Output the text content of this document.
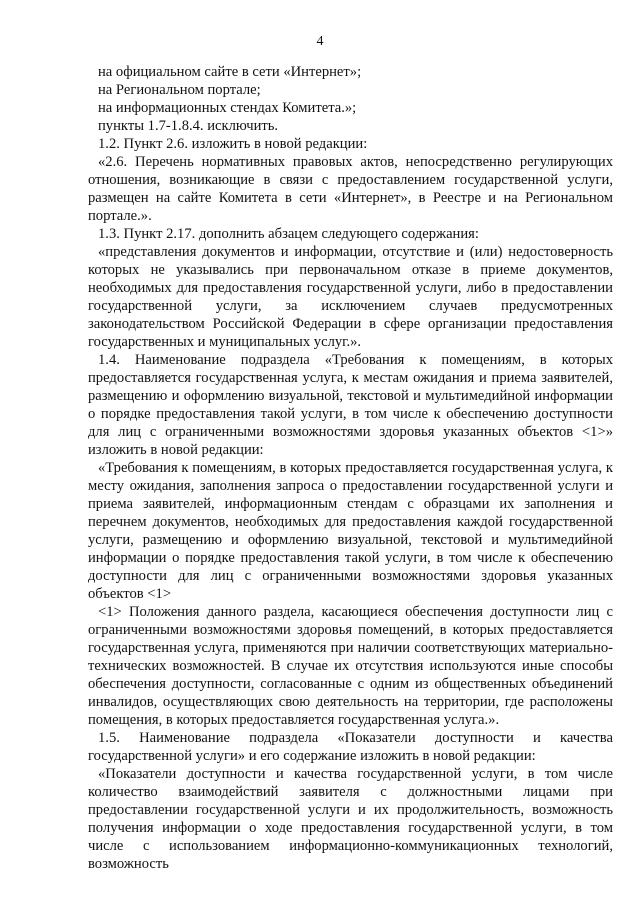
4

на официальном сайте в сети «Интернет»;

на Региональном портале;

на информационных стендах Комитета.»;

пункты 1.7-1.8.4. исключить.

1.2. Пункт 2.6. изложить в новой редакции:

«2.6. Перечень нормативных правовых актов, непосредственно регулирующих отношения, возникающие в связи с предоставлением государственной услуги, размещен на сайте Комитета в сети «Интернет», в Реестре и на Региональном портале.».

1.3. Пункт 2.17. дополнить абзацем следующего содержания:

«представления документов и информации, отсутствие и (или) недостоверность которых не указывались при первоначальном отказе в приеме документов, необходимых для предоставления государственной услуги, либо в предоставлении государственной услуги, за исключением случаев предусмотренных законодательством Российской Федерации в сфере организации предоставления государственных и муниципальных услуг.».

1.4. Наименование подраздела «Требования к помещениям, в которых предоставляется государственная услуга, к местам ожидания и приема заявителей, размещению и оформлению визуальной, текстовой и мультимедийной информации о порядке предоставления такой услуги, в том числе к обеспечению доступности для лиц с ограниченными возможностями здоровья указанных объектов <1>» изложить в новой редакции:

«Требования к помещениям, в которых предоставляется государственная услуга, к месту ожидания, заполнения запроса о предоставлении государственной услуги и приема заявителей, информационным стендам с образцами их заполнения и перечнем документов, необходимых для предоставления каждой государственной услуги, размещению и оформлению визуальной, текстовой и мультимедийной информации о порядке предоставления такой услуги, в том числе к обеспечению доступности для лиц с ограниченными возможностями здоровья указанных объектов <1>

<1> Положения данного раздела, касающиеся обеспечения доступности лиц с ограниченными возможностями здоровья помещений, в которых предоставляется государственная услуга, применяются при наличии соответствующих материально-технических возможностей. В случае их отсутствия используются иные способы обеспечения доступности, согласованные с одним из общественных объединений инвалидов, осуществляющих свою деятельность на территории, где расположены помещения, в которых предоставляется государственная услуга.».

1.5. Наименование подраздела «Показатели доступности и качества государственной услуги» и его содержание изложить в новой редакции:

«Показатели доступности и качества государственной услуги, в том числе количество взаимодействий заявителя с должностными лицами при предоставлении государственной услуги и их продолжительность, возможность получения информации о ходе предоставления государственной услуги, в том числе с использованием информационно-коммуникационных технологий, возможность
